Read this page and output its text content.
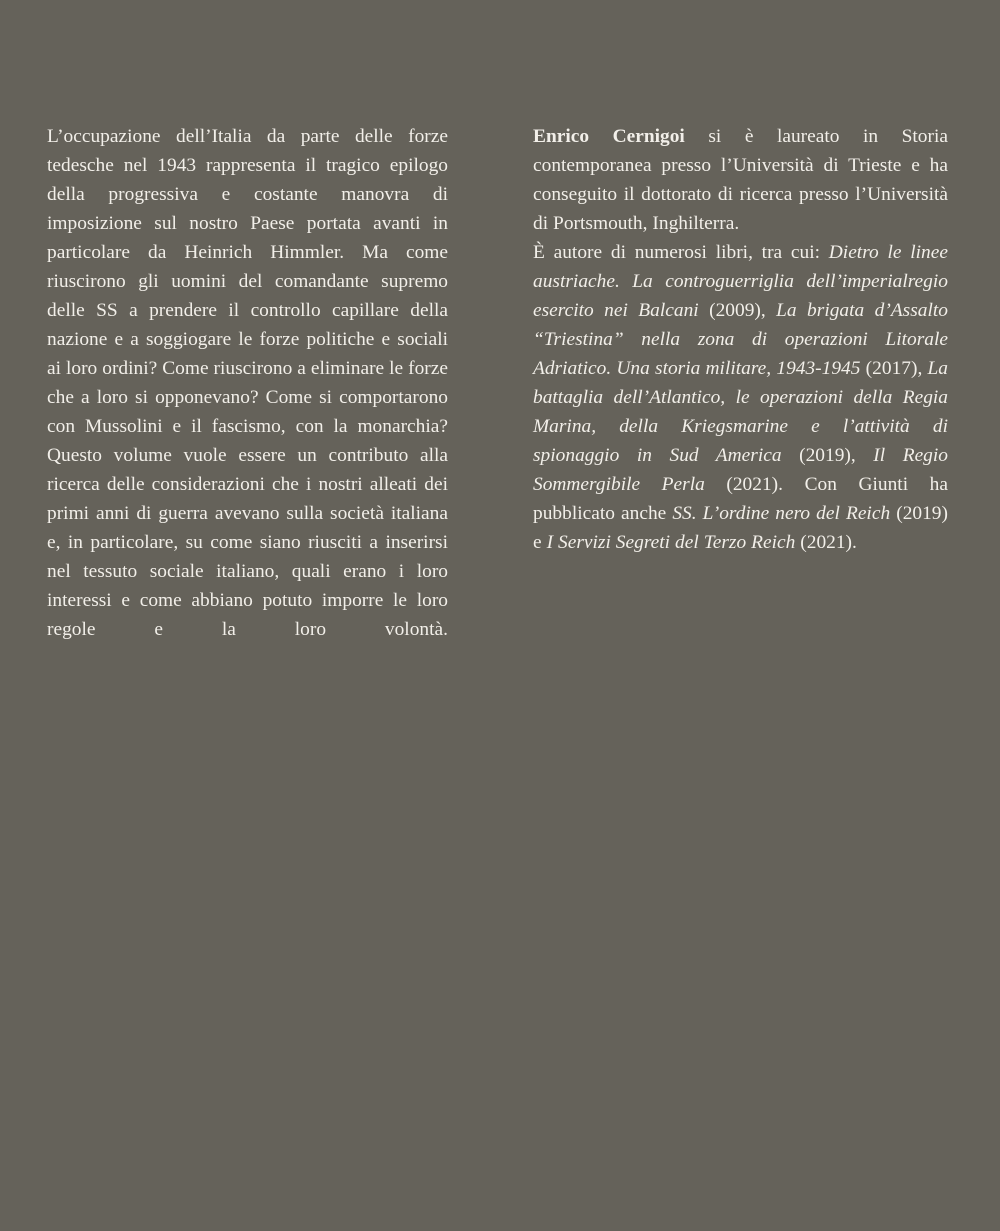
L’occupazione dell’Italia da parte delle forze tedesche nel 1943 rappresenta il tragico epilogo della progressiva e costante manovra di imposizione sul nostro Paese portata avanti in particolare da Heinrich Himmler. Ma come riuscirono gli uomini del comandante supremo delle SS a prendere il controllo capillare della nazione e a soggiogare le forze politiche e sociali ai loro ordini? Come riuscirono a eliminare le forze che a loro si opponevano? Come si comportarono con Mussolini e il fascismo, con la monarchia? Questo volume vuole essere un contributo alla ricerca delle considerazioni che i nostri alleati dei primi anni di guerra avevano sulla società italiana e, in particolare, su come siano riusciti a inserirsi nel tessuto sociale italiano, quali erano i loro interessi e come abbiano potuto imporre le loro regole e la loro volontà.

Enrico Cernigoi si è laureato in Storia contemporanea presso l’Università di Trieste e ha conseguito il dottorato di ricerca presso l’Università di Portsmouth, Inghilterra.

È autore di numerosi libri, tra cui: Dietro le linee austriache. La controguerriglia dell’imperialregio esercito nei Balcani (2009), La brigata d’Assalto “Triestina” nella zona di operazioni Litorale Adriatico. Una storia militare, 1943-1945 (2017), La battaglia dell’Atlantico, le operazioni della Regia Marina, della Kriegsmarine e l’attività di spionaggio in Sud America (2019), Il Regio Sommergibile Perla (2021). Con Giunti ha pubblicato anche SS. L’ordine nero del Reich (2019) e I Servizi Segreti del Terzo Reich (2021).
